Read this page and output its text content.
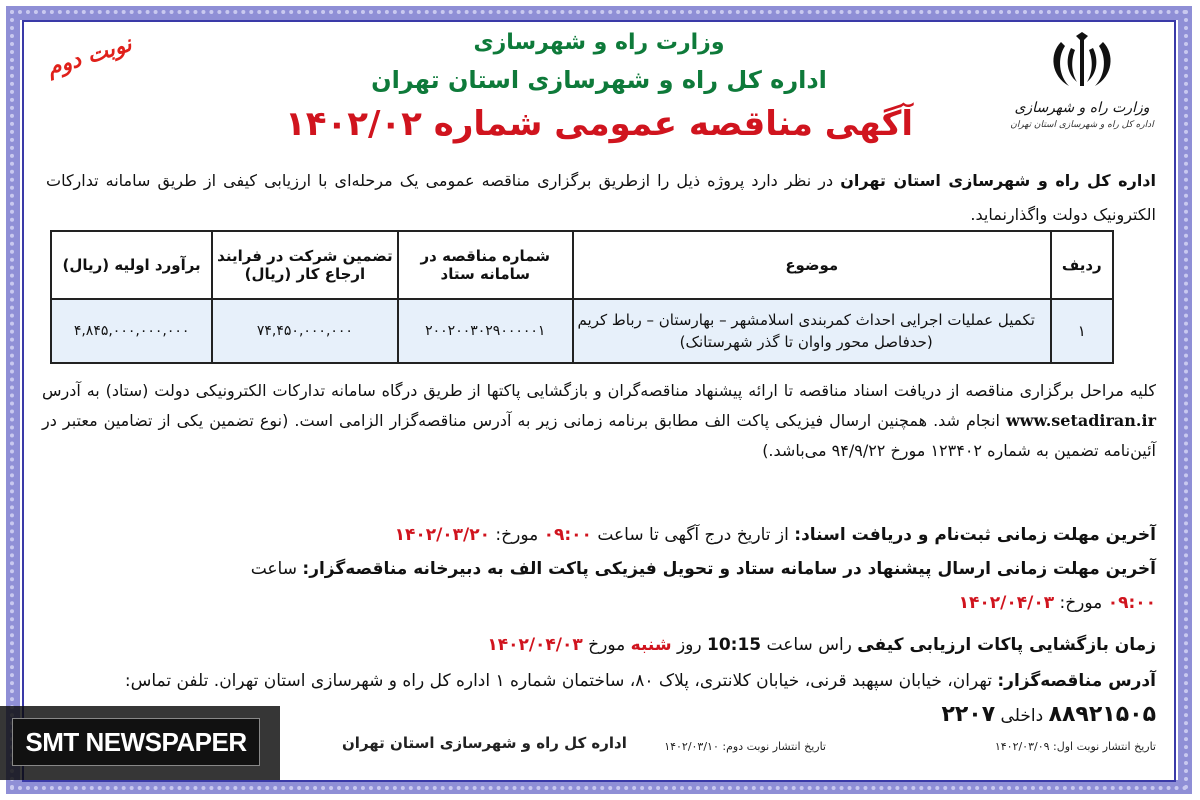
وزارت راه و شهرسازی
اداره کل راه و شهرسازی استان تهران
وزارت راه و شهرسازی
اداره کل راه و شهرسازی استان تهران
آگهی مناقصه عمومی شماره ۱۴۰۲/۰۲
نوبت دوم
اداره کل راه و شهرسازی استان تهران در نظر دارد پروژه ذیل را ازطریق برگزاری مناقصه عمومی یک مرحله‌ای با ارزیابی کیفی از طریق سامانه تدارکات الکترونیک دولت واگذارنماید.
ردیف	موضوع	شماره مناقصه در سامانه ستاد	تضمین شرکت در فرایند ارجاع کار (ریال)	برآورد اولیه (ریال)
۱	تکمیل عملیات اجرایی احداث کمربندی اسلامشهر – بهارستان – رباط کریم (حدفاصل محور واوان تا گذر شهرستانک)	۲۰۰۲۰۰۳۰۲۹۰۰۰۰۰۱	۷۴,۴۵۰,۰۰۰,۰۰۰	۴,۸۴۵,۰۰۰,۰۰۰,۰۰۰
کلیه مراحل برگزاری مناقصه از دریافت اسناد مناقصه تا ارائه پیشنهاد مناقصه‌گران و بازگشایی پاکتها از طریق درگاه سامانه تدارکات الکترونیکی دولت (ستاد) به آدرس www.setadiran.ir انجام شد. همچنین ارسال فیزیکی پاکت الف مطابق برنامه زمانی زیر به آدرس مناقصه‌گزار الزامی است. (نوع تضمین یکی از تضامین معتبر در آئین‌نامه تضمین به شماره ۱۲۳۴۰۲ مورخ ۹۴/۹/۲۲ می‌باشد.)
آخرین مهلت زمانی ثبت‌نام و دریافت اسناد: از تاریخ درج آگهی تا ساعت ۰۹:۰۰ مورخ: ۱۴۰۲/۰۳/۲۰
آخرین مهلت زمانی ارسال پیشنهاد در سامانه ستاد و تحویل فیزیکی پاکت الف به دبیرخانه مناقصه‌گزار: ساعت
۰۹:۰۰ مورخ: ۱۴۰۲/۰۴/۰۳
زمان بازگشایی پاکات ارزیابی کیفی راس ساعت 10:15 روز شنبه مورخ ۱۴۰۲/۰۴/۰۳
آدرس مناقصه‌گزار: تهران، خیابان سپهبد قرنی، خیابان کلانتری، پلاک ۸۰، ساختمان شماره ۱ اداره کل راه و شهرسازی استان تهران. تلفن تماس: ۸۸۹۲۱۵۰۵ داخلی ۲۲۰۷
تاریخ انتشار نوبت اول: ۱۴۰۲/۰۳/۰۹
تاریخ انتشار نوبت دوم: ۱۴۰۲/۰۳/۱۰
اداره کل راه و شهرسازی استان تهران
SMT NEWSPAPER
